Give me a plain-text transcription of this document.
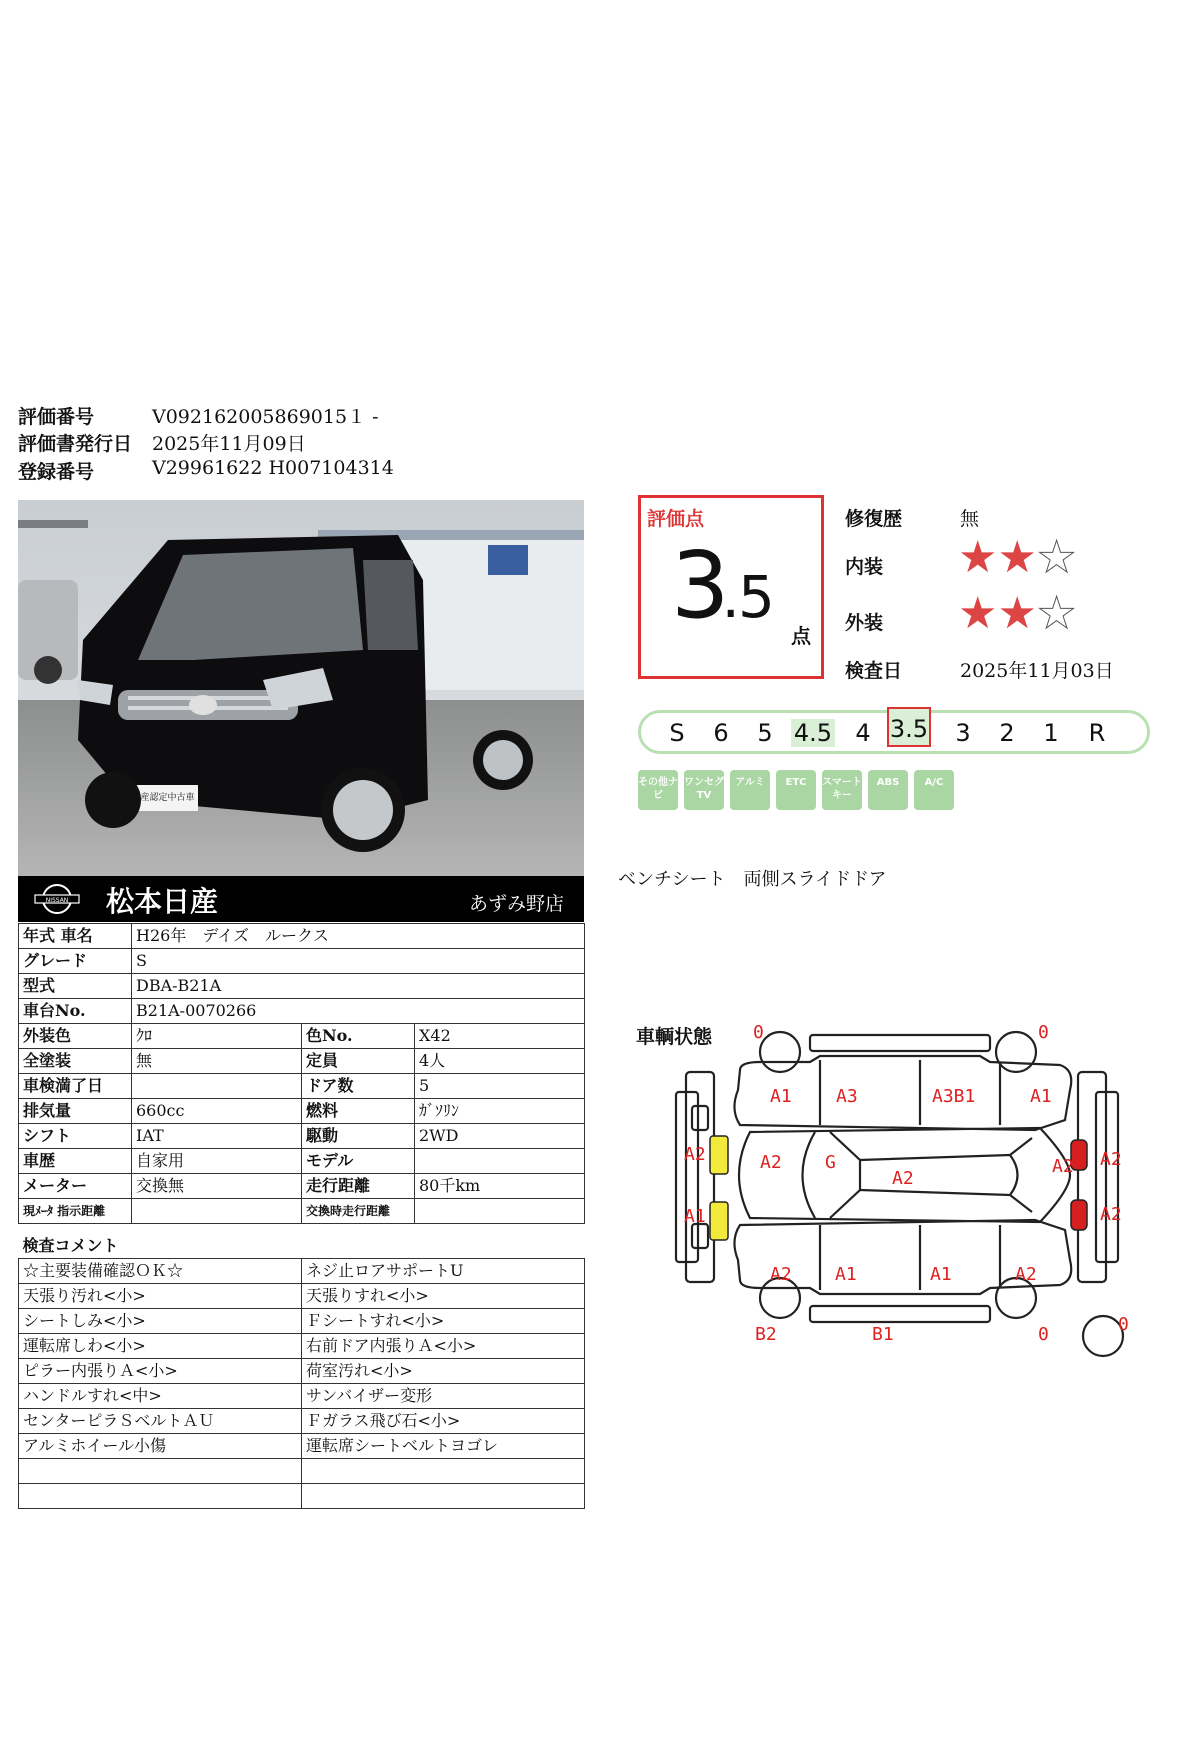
評価番号	V092162005869015１ ‐
評価書発行日 2025年11月09日
登録番号	V29961622 H007104314
日産認定中古車
NISSAN 松本日産	あずみ野店
年式 車名	H26年　デイズ　ルークス		
グレード	S		
型式	DBA-B21A		
車台No.	B21A-0070266		
外装色	ｸﾛ	色No.	X42
全塗装	無	定員	4人
車検満了日		ドア数	5
排気量	660cc	燃料	ｶﾞｿﾘﾝ
シフト	IAT	駆動	2WD
車歴	自家用	モデル	
メーター	交換無	走行距離	80千km
現ﾒｰﾀ 指示距離		交換時走行距離	
検査コメント	
☆主要装備確認ＯＫ☆	ネジ止ロアサポートU
天張り汚れ<小>	天張りすれ<小>
シートしみ<小>	Ｆシートすれ<小>
運転席しわ<小>	右前ドア内張りＡ<小>
ピラー内張りＡ<小>	荷室汚れ<小>
ハンドルすれ<中>	サンバイザー変形
センターピラＳベルトＡＵ	Ｆガラス飛び石<小>
アルミホイール小傷	運転席シートベルトヨゴレ

評価点
3.5
点
修復歴	無
内装 ★★★
外装 ★★★
検査日	2025年11月03日
S	6	5 4.5 4 3.5	3	2	1	R
その他ナビ
ワンセグTV
アルミ	ETC	スマートキー
ABS	A/C
ベンチシート　両側スライドドア
車輌状態 0	0
A1 A3	A3B1	A1
A2	A2 G
A2
A2 A2
A1	A2
A2 A1	A1	A2
B1
B2	0	0
